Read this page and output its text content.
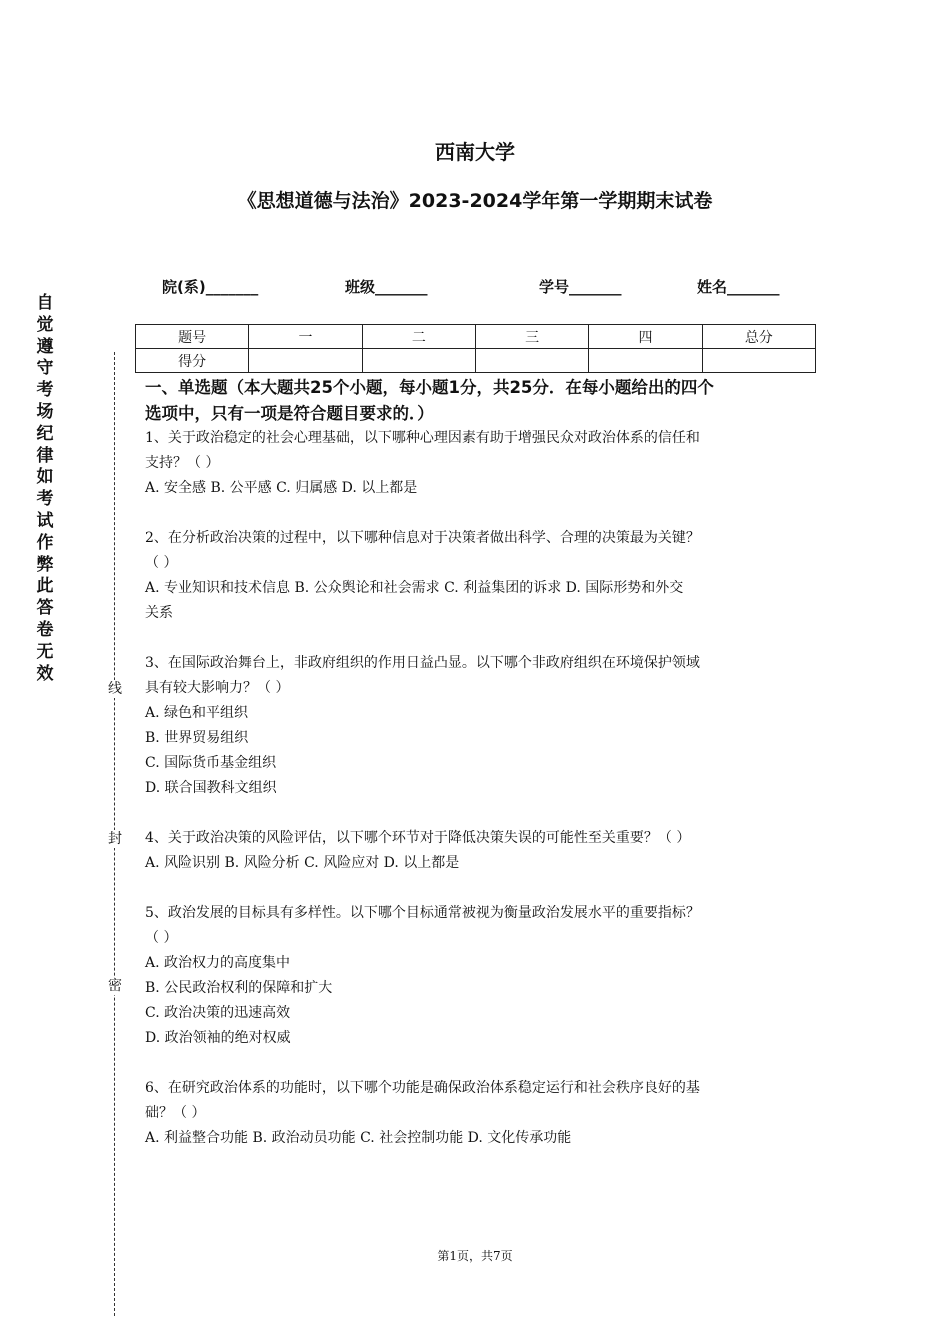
西南大学
《思想道德与法治》2023-2024学年第一学期期末试卷
院(系)_______	班级_______	学号_______	姓名_______
自
觉
遵
守
考
场
纪
律
如
考
试
作
弊
此
答
卷
无
效
线
封
密
题号	一	二	三	四	总分
得分					
一、单选题（本大题共25个小题，每小题1分，共25分．在每小题给出的四个
选项中，只有一项是符合题目要求的．）
1、关于政治稳定的社会心理基础，以下哪种心理因素有助于增强民众对政治体系的信任和
支持？（ ）
A. 安全感 B. 公平感 C. 归属感 D. 以上都是
2、在分析政治决策的过程中，以下哪种信息对于决策者做出科学、合理的决策最为关键？
（ ）
A. 专业知识和技术信息 B. 公众舆论和社会需求 C. 利益集团的诉求 D. 国际形势和外交
关系
3、在国际政治舞台上，非政府组织的作用日益凸显。以下哪个非政府组织在环境保护领域
具有较大影响力？（ ）
A. 绿色和平组织
B. 世界贸易组织
C. 国际货币基金组织
D. 联合国教科文组织
4、关于政治决策的风险评估，以下哪个环节对于降低决策失误的可能性至关重要？（ ）
A. 风险识别 B. 风险分析 C. 风险应对 D. 以上都是
5、政治发展的目标具有多样性。以下哪个目标通常被视为衡量政治发展水平的重要指标？
（ ）
A. 政治权力的高度集中
B. 公民政治权利的保障和扩大
C. 政治决策的迅速高效
D. 政治领袖的绝对权威
6、在研究政治体系的功能时，以下哪个功能是确保政治体系稳定运行和社会秩序良好的基
础？（ ）
A. 利益整合功能 B. 政治动员功能 C. 社会控制功能 D. 文化传承功能
第1页，共7页
